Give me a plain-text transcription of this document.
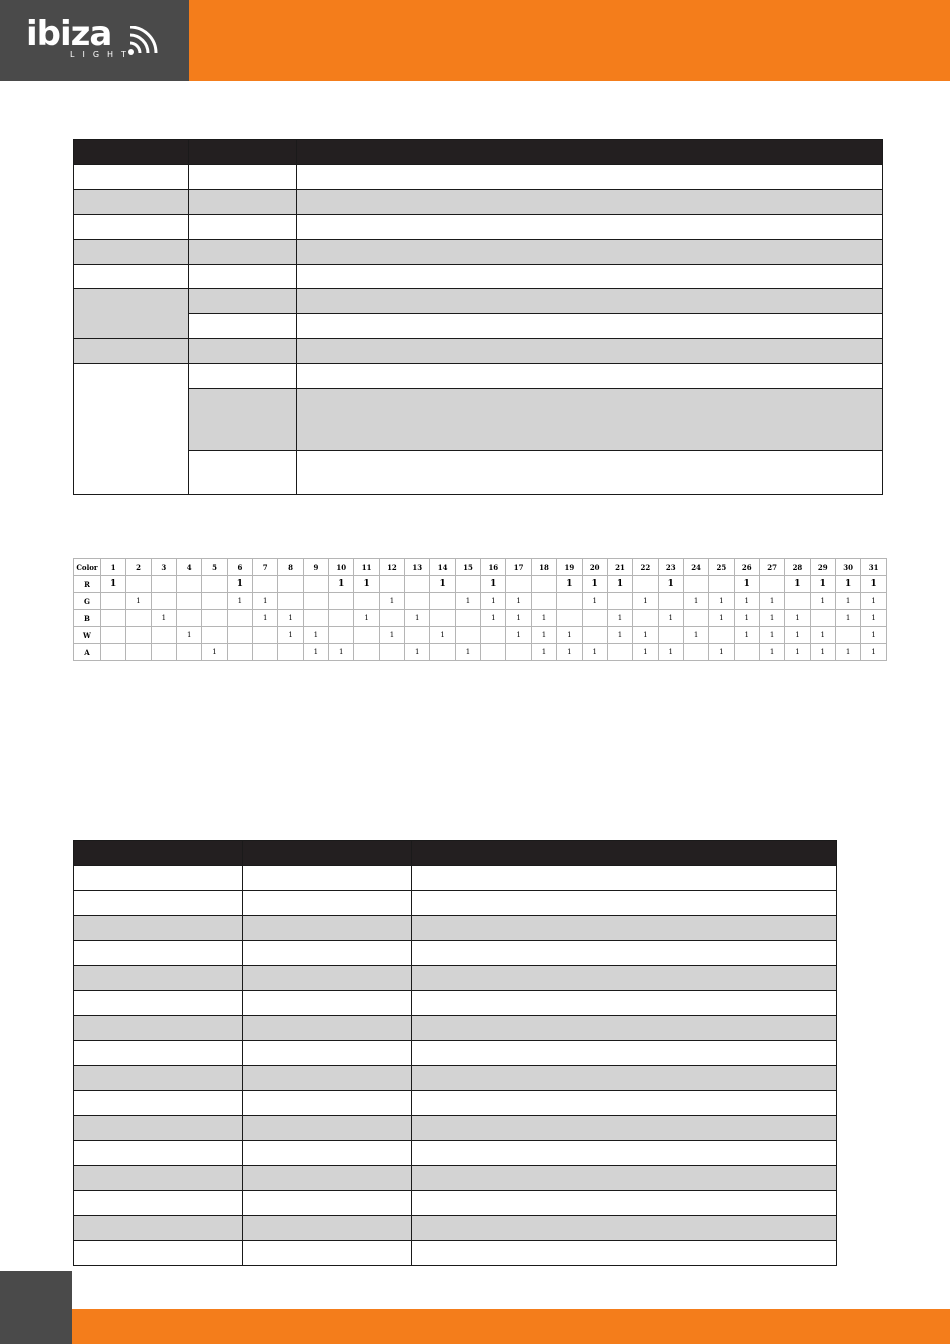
ibiza
LIGHT

Color	1	2	3	4	5	6	7	8	9	10	11	12	13	14	15	16	17	18	19	20	21	22	23	24	25	26	27	28	29	30	31
R	1					1				1	1			1		1			1	1	1		1			1		1	1	1	1
G		1				1	1					1			1	1	1			1		1		1	1	1	1		1	1	1
B			1				1	1			1		1			1	1	1			1		1		1	1	1	1		1	1
W				1				1	1			1		1			1	1	1		1	1		1		1	1	1	1		1
A					1				1	1			1		1			1	1	1		1	1		1		1	1	1	1	1
